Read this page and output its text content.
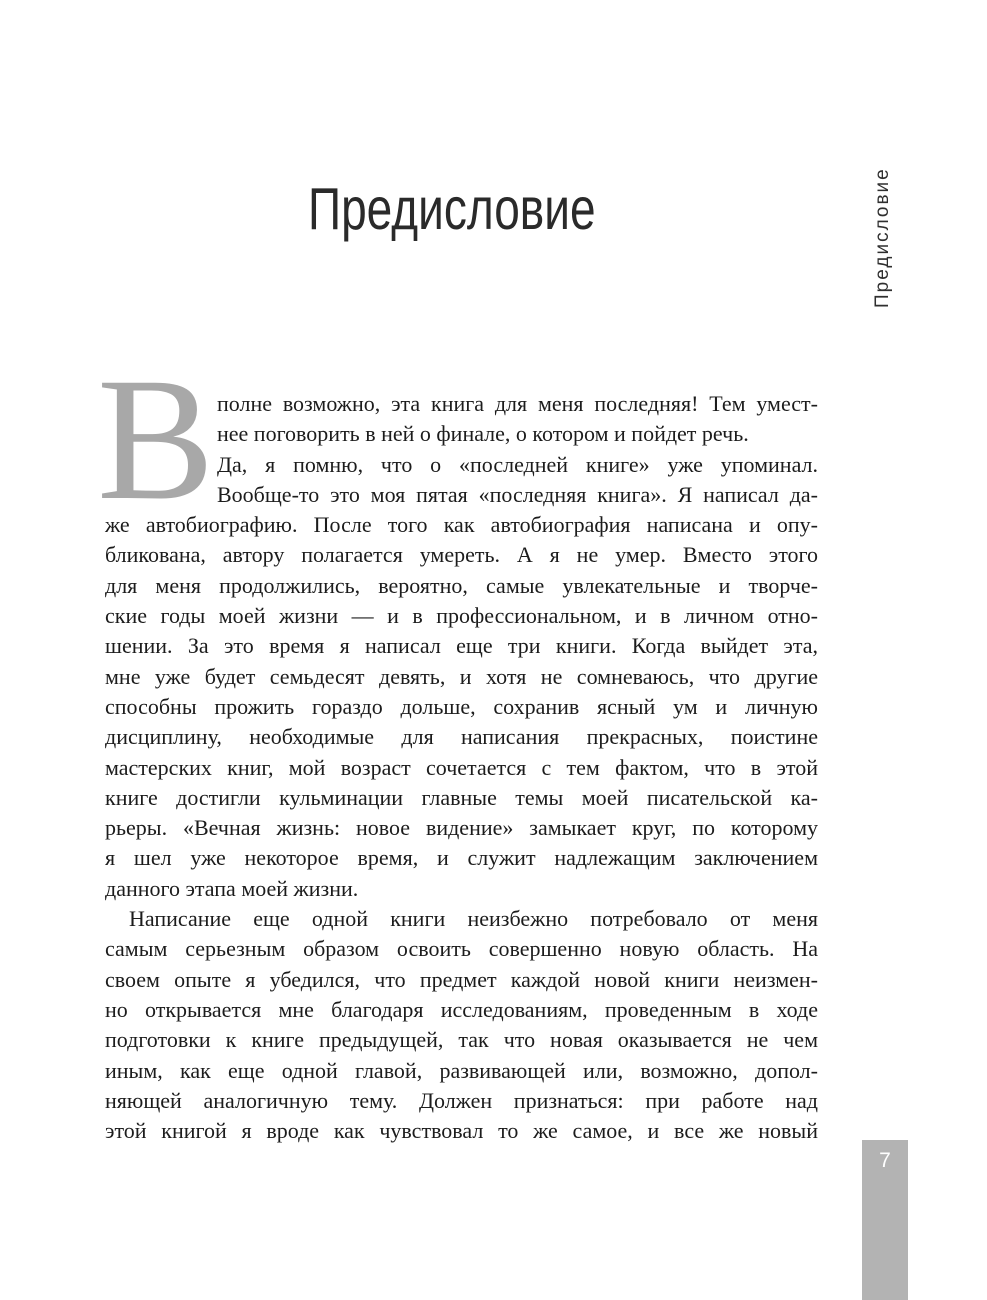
Предисловие	Предисловие
В полне возможно, эта книга для меня последняя! Тем умест-
нее поговорить в ней о финале, о котором и пойдет речь.
Да, я помню, что о «последней книге» уже упоминал.
Вообще-то это моя пятая «последняя книга». Я написал да-
же автобиографию. После того как автобиография написана и опу-
бликована, автору полагается умереть. А я не умер. Вместо этого
для меня продолжились, вероятно, самые увлекательные и творче-
ские годы моей жизни — и в профессиональном, и в личном отно-
шении. За это время я написал еще три книги. Когда выйдет эта,
мне уже будет семьдесят девять, и хотя не сомневаюсь, что другие
способны прожить гораздо дольше, сохранив ясный ум и личную
дисциплину, необходимые для написания прекрасных, поистине
мастерских книг, мой возраст сочетается с тем фактом, что в этой
книге достигли кульминации главные темы моей писательской ка-
рьеры. «Вечная жизнь: новое видение» замыкает круг, по которому
я шел уже некоторое время, и служит надлежащим заключением
данного этапа моей жизни.
Написание еще одной книги неизбежно потребовало от меня
самым серьезным образом освоить совершенно новую область. На
своем опыте я убедился, что предмет каждой новой книги неизмен-
но открывается мне благодаря исследованиям, проведенным в ходе
подготовки к книге предыдущей, так что новая оказывается не чем
иным, как еще одной главой, развивающей или, возможно, допол-
няющей аналогичную тему. Должен признаться: при работе над
этой книгой я вроде как чувствовал то же самое, и все же новый
7
